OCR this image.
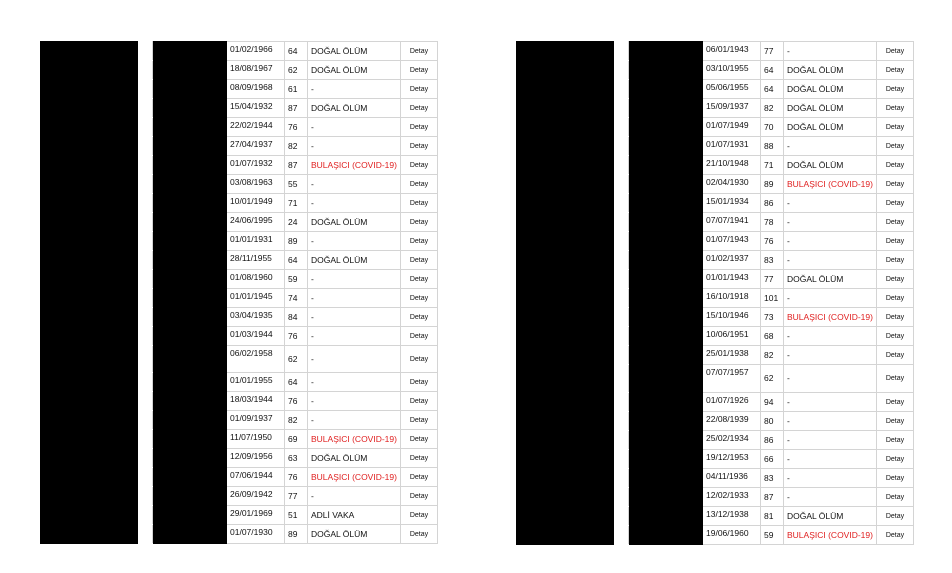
			01/02/1966	64	DOĞAL ÖLÜM	Detay
			18/08/1967	62	DOĞAL ÖLÜM	Detay
			08/09/1968	61	-	Detay
			15/04/1932	87	DOĞAL ÖLÜM	Detay
			22/02/1944	76	-	Detay
			27/04/1937	82	-	Detay
			01/07/1932	87	BULAŞICI (COVID-19)	Detay
			03/08/1963	55	-	Detay
			10/01/1949	71	-	Detay
			24/06/1995	24	DOĞAL ÖLÜM	Detay
			01/01/1931	89	-	Detay
			28/11/1955	64	DOĞAL ÖLÜM	Detay
			01/08/1960	59	-	Detay
			01/01/1945	74	-	Detay
			03/04/1935	84	-	Detay
			01/03/1944	76	-	Detay
			06/02/1958	62	-	Detay
			01/01/1955	64	-	Detay
			18/03/1944	76	-	Detay
			01/09/1937	82	-	Detay
			11/07/1950	69	BULAŞICI (COVID-19)	Detay
			12/09/1956	63	DOĞAL ÖLÜM	Detay
			07/06/1944	76	BULAŞICI (COVID-19)	Detay
			26/09/1942	77	-	Detay
			29/01/1969	51	ADLİ VAKA	Detay
			01/07/1930	89	DOĞAL ÖLÜM	Detay
			06/01/1943	77	-	Detay
			03/10/1955	64	DOĞAL ÖLÜM	Detay
			05/06/1955	64	DOĞAL ÖLÜM	Detay
			15/09/1937	82	DOĞAL ÖLÜM	Detay
			01/07/1949	70	DOĞAL ÖLÜM	Detay
			01/07/1931	88	-	Detay
			21/10/1948	71	DOĞAL ÖLÜM	Detay
			02/04/1930	89	BULAŞICI (COVID-19)	Detay
			15/01/1934	86	-	Detay
			07/07/1941	78	-	Detay
			01/07/1943	76	-	Detay
			01/02/1937	83	-	Detay
			01/01/1943	77	DOĞAL ÖLÜM	Detay
			16/10/1918	101	-	Detay
			15/10/1946	73	BULAŞICI (COVID-19)	Detay
			10/06/1951	68	-	Detay
			25/01/1938	82	-	Detay
			07/07/1957	62	-	Detay
			01/07/1926	94	-	Detay
			22/08/1939	80	-	Detay
			25/02/1934	86	-	Detay
			19/12/1953	66	-	Detay
			04/11/1936	83	-	Detay
			12/02/1933	87	-	Detay
			13/12/1938	81	DOĞAL ÖLÜM	Detay
			19/06/1960	59	BULAŞICI (COVID-19)	Detay
